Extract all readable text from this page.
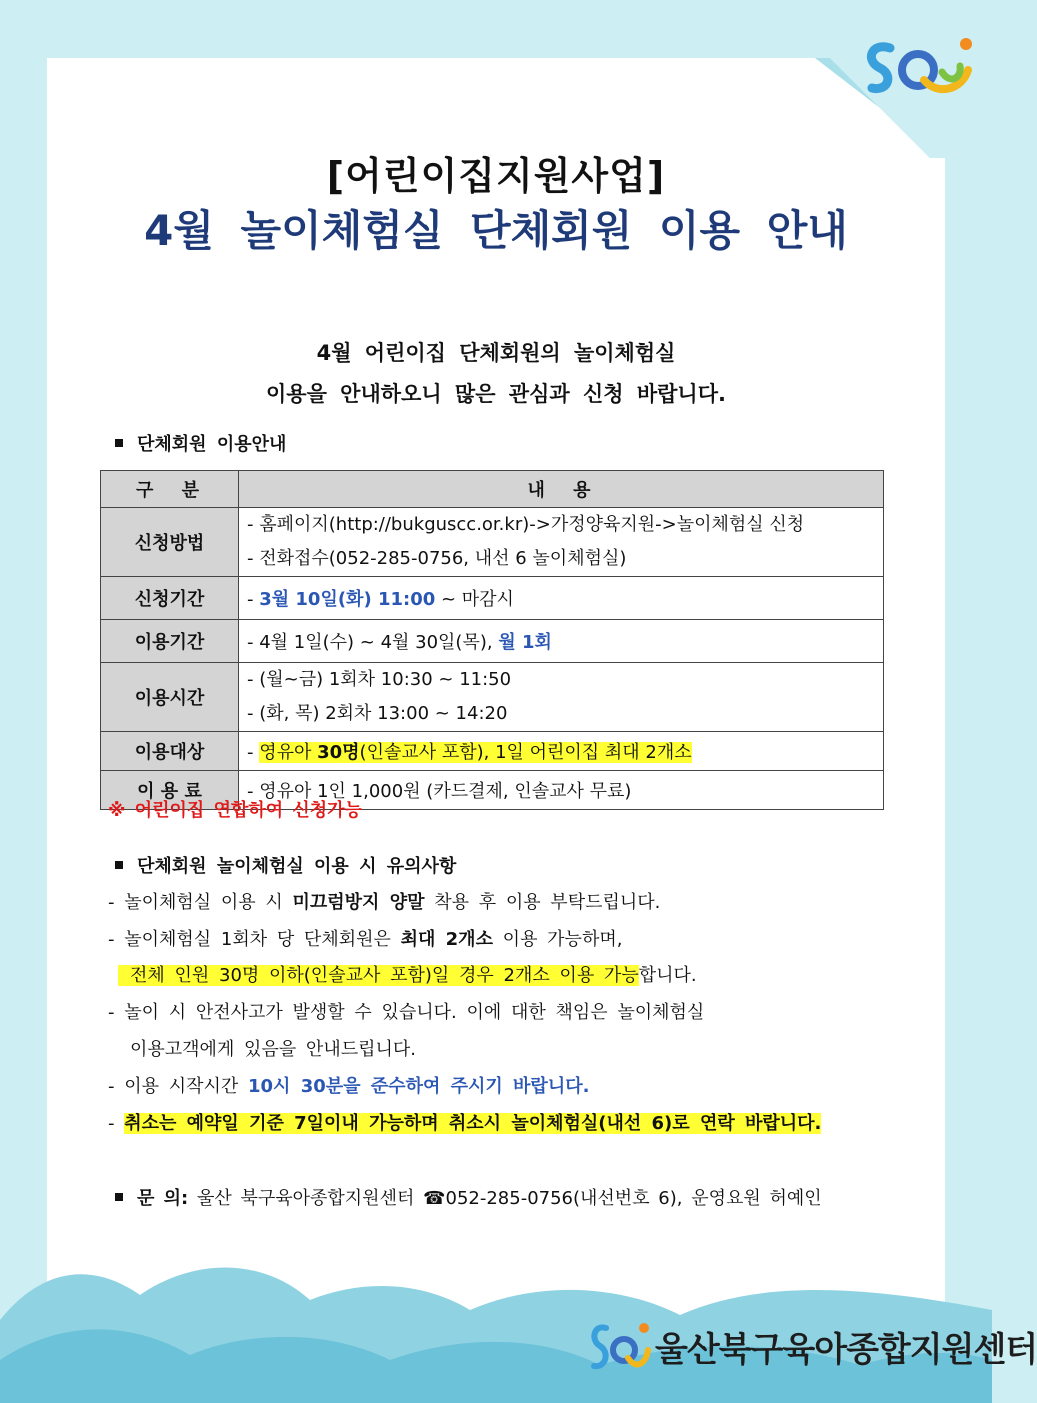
[어린이집지원사업]
4월 놀이체험실 단체회원 이용 안내
4월 어린이집 단체회원의 놀이체험실
이용을 안내하오니 많은 관심과 신청 바랍니다.
단체회원 이용안내
구 분	내 용
신청방법	- 홈페이지(http://bukguscc.or.kr)->가정양육지원->놀이체험실 신청
- 전화접수(052-285-0756, 내선 6 놀이체험실)

신청기간	- 3월 10일(화) 11:00 ~ 마감시
이용기간	- 4월 1일(수) ~ 4월 30일(목), 월 1회
이용시간	- (월~금) 1회차 10:30 ~ 11:50
- (화, 목) 2회차 13:00 ~ 14:20

이용대상	- 영유아 30명(인솔교사 포함), 1일 어린이집 최대 2개소
이 용 료	- 영유아 1인 1,000원 (카드결제, 인솔교사 무료)
※ 어린이집 연합하여 신청가능
단체회원 놀이체험실 이용 시 유의사항
- 놀이체험실 이용 시 미끄럼방지 양말 착용 후 이용 부탁드립니다.
- 놀이체험실 1회차 당 단체회원은 최대 2개소 이용 가능하며,
전체 인원 30명 이하(인솔교사 포함)일 경우 2개소 이용 가능합니다.
- 놀이 시 안전사고가 발생할 수 있습니다. 이에 대한 책임은 놀이체험실
이용고객에게 있음을 안내드립니다.
- 이용 시작시간 10시 30분을 준수하여 주시기 바랍니다.
- 취소는 예약일 기준 7일이내 가능하며 취소시 놀이체험실(내선 6)로 연락 바랍니다.
문 의: 울산 북구육아종합지원센터 ☎052-285-0756(내선번호 6), 운영요원 허예인
울산북구육아종합지원센터
